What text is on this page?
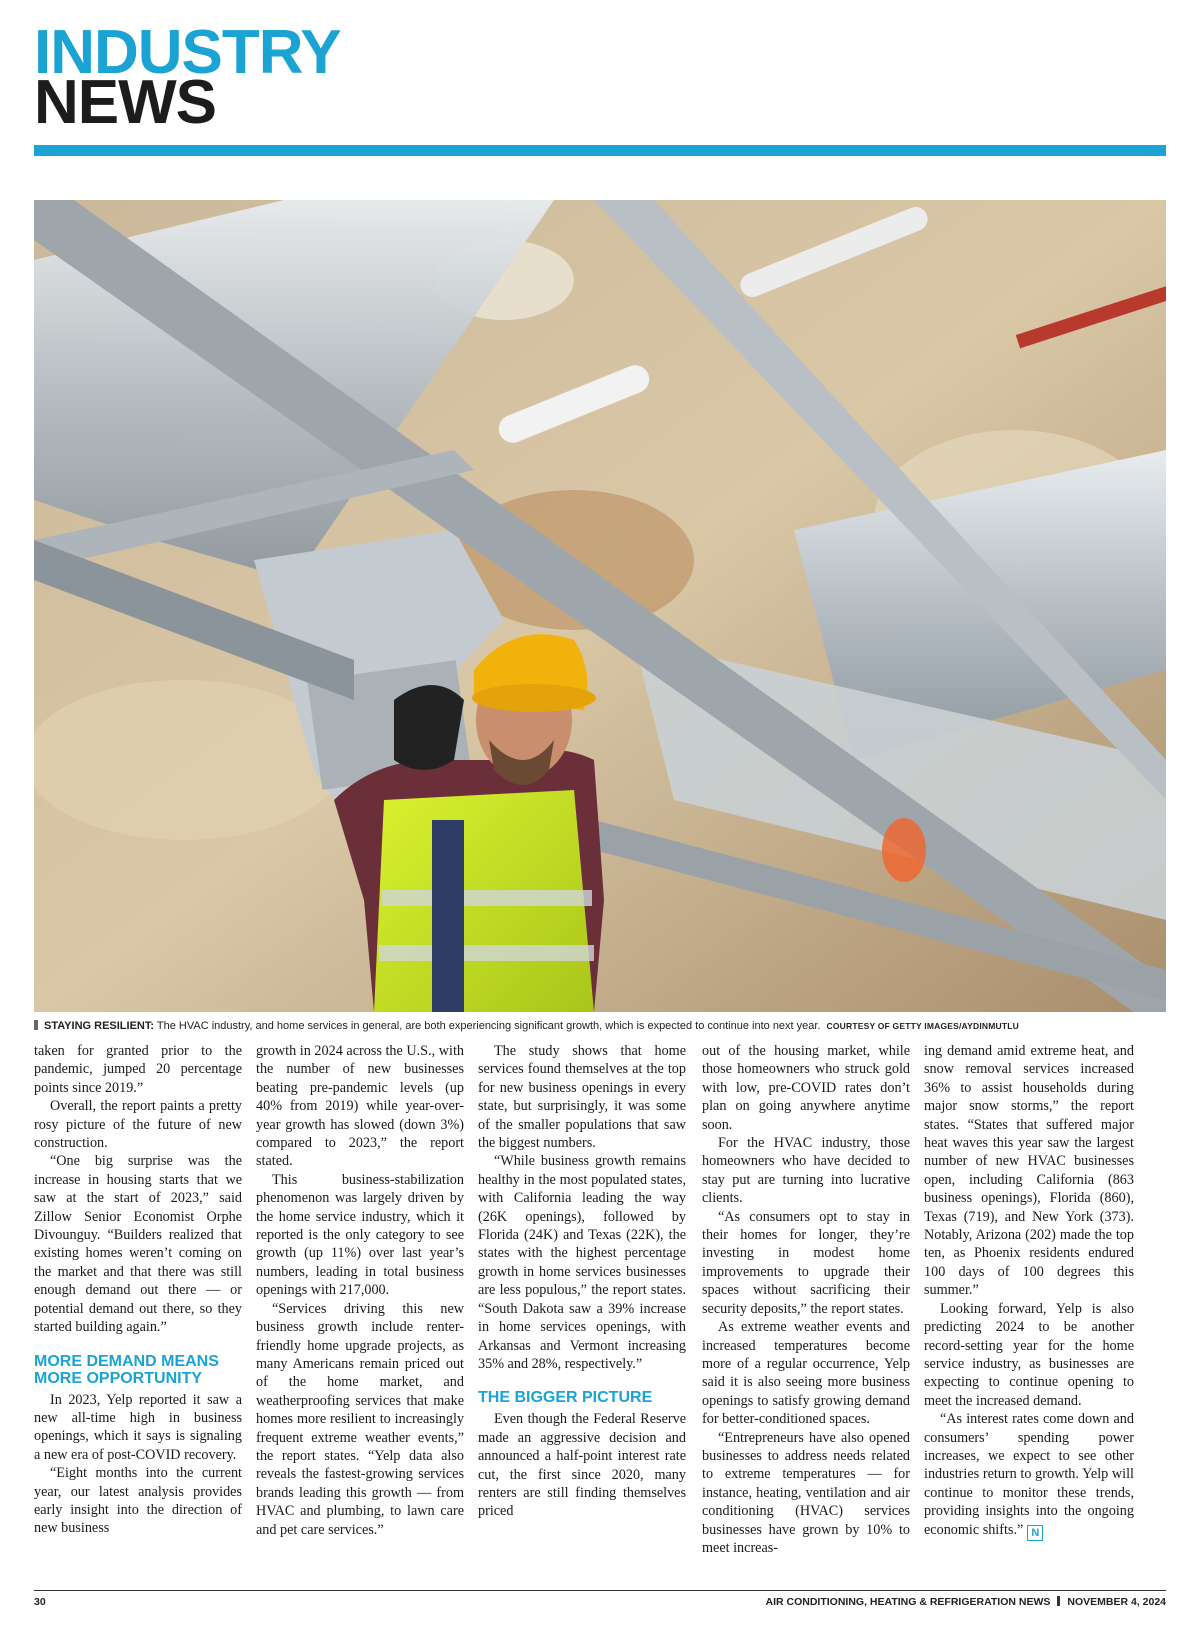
INDUSTRY
NEWS
STAYING RESILIENT: The HVAC industry, and home services in general, are both experiencing significant growth, which is expected to continue into next year. COURTESY OF GETTY IMAGES/AYDINMUTLU

taken for granted prior to the pandemic, jumped 20 percentage points since 2019.”

Overall, the report paints a pretty rosy picture of the future of new construction.

“One big surprise was the increase in housing starts that we saw at the start of 2023,” said Zillow Senior Economist Orphe Divounguy. “Builders realized that existing homes weren’t coming on the market and that there was still enough demand out there — or potential demand out there, so they started building again.”

MORE DEMAND MEANS MORE OPPORTUNITY

In 2023, Yelp reported it saw a new all-time high in business openings, which it says is signaling a new era of post-COVID recovery.

“Eight months into the current year, our latest analysis provides early insight into the direction of new business

growth in 2024 across the U.S., with the number of new businesses beating pre-pandemic levels (up 40% from 2019) while year-over-year growth has slowed (down 3%) compared to 2023,” the report stated.

This business-stabilization phenomenon was largely driven by the home service industry, which it reported is the only category to see growth (up 11%) over last year’s numbers, leading in total business openings with 217,000.

“Services driving this new business growth include renter-friendly home upgrade projects, as many Americans remain priced out of the home market, and weatherproofing services that make homes more resilient to increasingly frequent extreme weather events,” the report states. “Yelp data also reveals the fastest-growing services brands leading this growth — from HVAC and plumbing, to lawn care and pet care services.”

The study shows that home services found themselves at the top for new business openings in every state, but surprisingly, it was some of the smaller populations that saw the biggest numbers.

“While business growth remains healthy in the most populated states, with California leading the way (26K openings), followed by Florida (24K) and Texas (22K), the states with the highest percentage growth in home services businesses are less populous,” the report states. “South Dakota saw a 39% increase in home services openings, with Arkansas and Vermont increasing 35% and 28%, respectively.”

THE BIGGER PICTURE

Even though the Federal Reserve made an aggressive decision and announced a half-point interest rate cut, the first since 2020, many renters are still finding themselves priced

out of the housing market, while those homeowners who struck gold with low, pre-COVID rates don’t plan on going anywhere anytime soon.

For the HVAC industry, those homeowners who have decided to stay put are turning into lucrative clients.

“As consumers opt to stay in their homes for longer, they’re investing in modest home improvements to upgrade their spaces without sacrificing their security deposits,” the report states.

As extreme weather events and increased temperatures become more of a regular occurrence, Yelp said it is also seeing more business openings to satisfy growing demand for better-conditioned spaces.

“Entrepreneurs have also opened businesses to address needs related to extreme temperatures — for instance, heating, ventilation and air conditioning (HVAC) services businesses have grown by 10% to meet increas-

ing demand amid extreme heat, and snow removal services increased 36% to assist households during major snow storms,” the report states. “States that suffered major heat waves this year saw the largest number of new HVAC businesses open, including California (863 business openings), Florida (860), Texas (719), and New York (373). Notably, Arizona (202) made the top ten, as Phoenix residents endured 100 days of 100 degrees this summer.”

Looking forward, Yelp is also predicting 2024 to be another record-setting year for the home service industry, as businesses are expecting to continue opening to meet the increased demand.

“As interest rates come down and consumers’ spending power increases, we expect to see other industries return to growth. Yelp will continue to monitor these trends, providing insights into the ongoing economic shifts.” N

30	AIR CONDITIONING, HEATING & REFRIGERATION NEWS NOVEMBER 4, 2024
